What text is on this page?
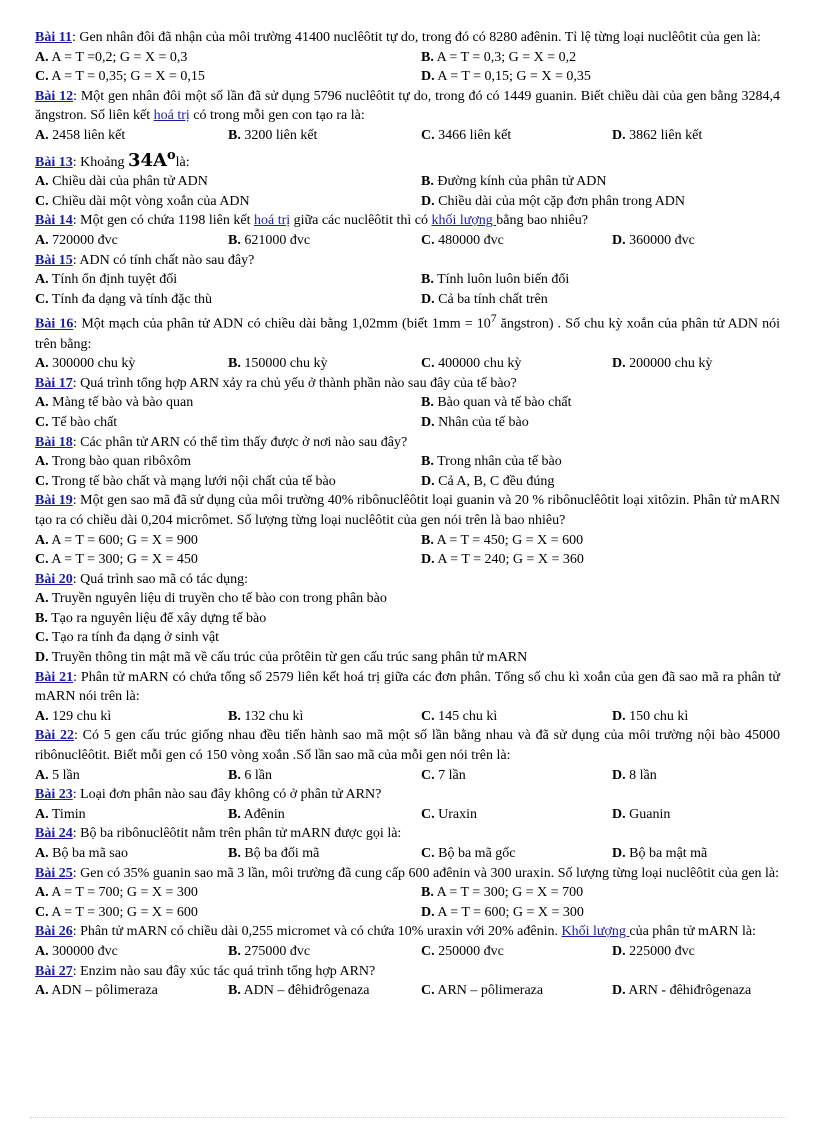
Bài 11: Gen nhân đôi đã nhận của môi trường 41400 nuclêôtit tự do, trong đó có 8280 ađênin. Tỉ lệ từng loại nuclêôtit của gen là:

A. A = T =0,2; G = X = 0,3	B. A = T = 0,3; G = X = 0,2
C. A = T = 0,35; G = X = 0,15	D. A = T = 0,15; G = X = 0,35

Bài 12: Một gen nhân đôi một số lần đã sử dụng 5796 nuclêôtit tự do, trong đó có 1449 guanin. Biết chiều dài của gen bằng 3284,4 ăngstron. Số liên kết hoá trị có trong mỗi gen con tạo ra là:

A. 2458 liên kết	B. 3200 liên kết	C. 3466 liên kết	D. 3862 liên kết

Bài 13: Khoảng $34A^olà$:

A. Chiều dài của phân tử ADN	B. Đường kính của phân tử ADN
C. Chiều dài một vòng xoắn của ADN	D. Chiều dài của một cặp đơn phân trong ADN

Bài 14: Một gen có chứa 1198 liên kết hoá trị giữa các nuclêôtit thì có khối lượng bằng bao nhiêu?

A. 720000 đvc	B. 621000 đvc	C. 480000 đvc	D. 360000 đvc

Bài 15: ADN có tính chất nào sau đây?

A. Tính ổn định tuyệt đối	B. Tính luôn luôn biến đổi
C. Tính đa dạng và tính đặc thù	D. Cả ba tính chất trên

Bài 16: Một mạch của phân tử ADN có chiều dài bằng 1,02mm (biết $1mm = 10^7$ ăngstron) . Số chu kỳ xoắn của phân tử ADN nói trên bằng:

A. 300000 chu kỳ	B. 150000 chu kỳ	C. 400000 chu kỳ	D. 200000 chu kỳ

Bài 17: Quá trình tổng hợp ARN xảy ra chủ yếu ở thành phần nào sau đây của tế bào?

A. Màng tế bào và bào quan	B. Bào quan và tế bào chất
C. Tế bào chất	D. Nhân của tế bào

Bài 18: Các phân tử ARN có thể tìm thấy được ở nơi nào sau đây?

A. Trong bào quan ribôxôm	B. Trong nhân của tế bào
C. Trong tế bào chất và mạng lưới nội chất của tế bào	D. Cả A, B, C đều đúng

Bài 19: Một gen sao mã đã sử dụng của môi trường 40% ribônuclêôtit loại guanin và 20 % ribônuclêôtit loại xitôzin. Phân tử mARN tạo ra có chiều dài 0,204 micrômet. Số lượng từng loại nuclêôtit của gen nói trên là bao nhiêu?

A. A = T = 600; G = X = 900	B. A = T = 450; G = X = 600
C. A = T = 300; G = X = 450	D. A = T = 240; G = X = 360

Bài 20: Quá trình sao mã có tác dụng:

A. Truyền nguyên liệu di truyền cho tế bào con trong phân bào
B. Tạo ra nguyên liệu để xây dựng tế bào
C. Tạo ra tính đa dạng ở sinh vật
D. Truyền thông tin mật mã về cấu trúc của prôtêin từ gen cấu trúc sang phân tử mARN

Bài 21: Phân tử mARN có chứa tổng số 2579 liên kết hoá trị giữa các đơn phân. Tổng số chu kì xoắn của gen đã sao mã ra phân tử mARN nói trên là:

A. 129 chu kì	B. 132 chu kì	C. 145 chu kì	D. 150 chu kì

Bài 22: Có 5 gen cấu trúc giống nhau đều tiến hành sao mã một số lần bằng nhau và đã sử dụng của môi trường nội bào 45000 ribônuclêôtit. Biết mỗi gen có 150 vòng xoắn .Số lần sao mã của mỗi gen nói trên là:

A. 5 lần	B. 6 lần	C. 7 lần	D. 8 lần

Bài 23: Loại đơn phân nào sau đây không có ở phân tử ARN?

A. Timin	B. Ađênin	C. Uraxin	D. Guanin

Bài 24: Bộ ba ribônuclêôtit nằm trên phân tử mARN được gọi là:

A. Bộ ba mã sao	B. Bộ ba đối mã	C. Bộ ba mã gốc	D. Bộ ba mật mã

Bài 25: Gen có 35% guanin sao mã 3 lần, môi trường đã cung cấp 600 ađênin và 300 uraxin. Số lượng từng loại nuclêôtit của gen là:

A. A = T = 700; G = X = 300	B. A = T = 300; G = X = 700
C. A = T = 300; G = X = 600	D. A = T = 600; G = X = 300

Bài 26: Phân tử mARN có chiều dài 0,255 micromet và có chứa 10% uraxin với 20% ađênin. Khối lượng của phân tử mARN là:

A. 300000 đvc	B. 275000 đvc	C. 250000 đvc	D. 225000 đvc

Bài 27: Enzim nào sau đây xúc tác quá trình tổng hợp ARN?

A. ADN – pôlimeraza	B. ADN – đêhiđrôgenaza	C. ARN – pôlimeraza	D. ARN - đêhiđrôgenaza
